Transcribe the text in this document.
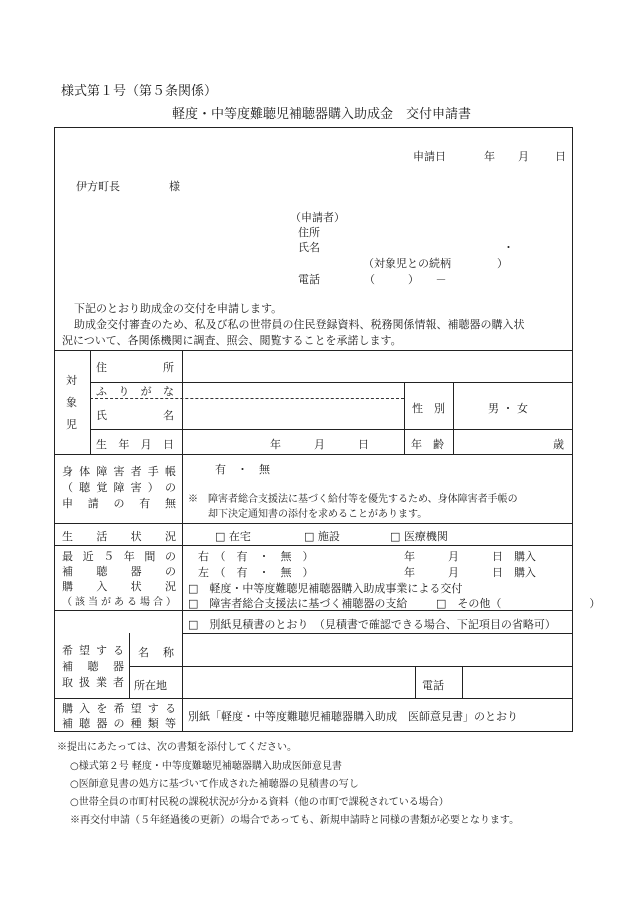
様式第１号（第５条関係）
軽度・中等度難聴児補聴器購入助成金　交付申請書
申請日	年 月 日
伊方町長	様
（申請者）
住所
氏名	・
（対象児との続柄	）
電話	（　　　）　　－
下記のとおり助成金の交付を申請します。
助成金交付審査のため、私及び私の世帯員の住民登録資料、税務関係情報、補聴器の購入状
況について、各関係機関に調査、照会、閲覧することを承諾します。
対
象
児
住	所
ふ り が な
氏	名
性　別	男 ・ 女
生 年 月 日	年　　　月　　　日	年　齢	歳
身 体 障 害 者 手 帳
（ 聴 覚 障 害 ） の
申 請 の 有 無
有　・　無
※　障害者総合支援法に基づく給付等を優先するため、身体障害者手帳の
却下決定通知書の添付を求めることがあります。
生 活 状 況	□ 在宅	□ 施設	□ 医療機関
最 近 ５ 年 間 の
補 聴 器 の
購 入 状 況
（ 該 当 が あ る 場 合 ）
右　（　有　・　無　）	年　　　月　　　日　購入
左　（　有　・　無　）	年　　　月　　　日　購入
□　軽度・中等度難聴児補聴器購入助成事業による交付
□　障害者総合支援法に基づく補聴器の支給	□　その他（　　　　　　　　）
□　別紙見積書のとおり　（見積書で確認できる場合、下記項目の省略可）
希 望 す る
補 聴 器
取 扱 業 者
名 称
所在地	電話
購 入 を 希 望 す る
補 聴 器 の 種 類 等
別紙「軽度・中等度難聴児補聴器購入助成　医師意見書」のとおり
※提出にあたっては、次の書類を添付してください。
○様式第２号 軽度・中等度難聴児補聴器購入助成医師意見書
○医師意見書の処方に基づいて作成された補聴器の見積書の写し
○世帯全員の市町村民税の課税状況が分かる資料（他の市町で課税されている場合）
※再交付申請（５年経過後の更新）の場合であっても、新規申請時と同様の書類が必要となります。
